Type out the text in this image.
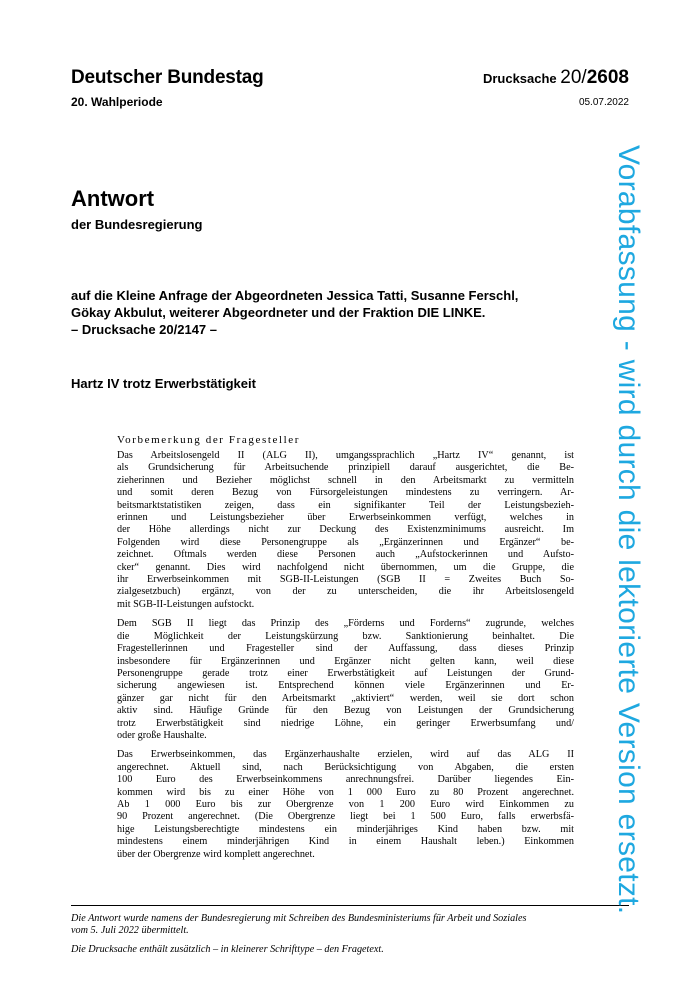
Deutscher Bundestag
20. Wahlperiode
Drucksache 20/2608
05.07.2022
Antwort
der Bundesregierung
auf die Kleine Anfrage der Abgeordneten Jessica Tatti, Susanne Ferschl,
Gökay Akbulut, weiterer Abgeordneter und der Fraktion DIE LINKE.
– Drucksache 20/2147 –
Hartz IV trotz Erwerbstätigkeit
Vorbemerkung der Fragesteller
Das Arbeitslosengeld II (ALG II), umgangssprachlich „Hartz IV“ genannt, ist
als Grundsicherung für Arbeitsuchende prinzipiell darauf ausgerichtet, die Be-
zieherinnen und Bezieher möglichst schnell in den Arbeitsmarkt zu vermitteln
und somit deren Bezug von Fürsorgeleistungen mindestens zu verringern. Ar-
beitsmarktstatistiken zeigen, dass ein signifikanter Teil der Leistungsbezieh-
erinnen und Leistungsbezieher über Erwerbseinkommen verfügt, welches in
der Höhe allerdings nicht zur Deckung des Existenzminimums ausreicht. Im
Folgenden wird diese Personengruppe als „Ergänzerinnen und Ergänzer“ be-
zeichnet. Oftmals werden diese Personen auch „Aufstockerinnen und Aufsto-
cker“ genannt. Dies wird nachfolgend nicht übernommen, um die Gruppe, die
ihr Erwerbseinkommen mit SGB-II-Leistungen (SGB II = Zweites Buch So-
zialgesetzbuch) ergänzt, von der zu unterscheiden, die ihr Arbeitslosengeld
mit SGB-II-Leistungen aufstockt.
Dem SGB II liegt das Prinzip des „Förderns und Forderns“ zugrunde, welches
die Möglichkeit der Leistungskürzung bzw. Sanktionierung beinhaltet. Die
Fragestellerinnen und Fragesteller sind der Auffassung, dass dieses Prinzip
insbesondere für Ergänzerinnen und Ergänzer nicht gelten kann, weil diese
Personengruppe gerade trotz einer Erwerbstätigkeit auf Leistungen der Grund-
sicherung angewiesen ist. Entsprechend können viele Ergänzerinnen und Er-
gänzer gar nicht für den Arbeitsmarkt „aktiviert“ werden, weil sie dort schon
aktiv sind. Häufige Gründe für den Bezug von Leistungen der Grundsicherung
trotz Erwerbstätigkeit sind niedrige Löhne, ein geringer Erwerbsumfang und/
oder große Haushalte.
Das Erwerbseinkommen, das Ergänzerhaushalte erzielen, wird auf das ALG II
angerechnet. Aktuell sind, nach Berücksichtigung von Abgaben, die ersten
100 Euro des Erwerbseinkommens anrechnungsfrei. Darüber liegendes Ein-
kommen wird bis zu einer Höhe von 1 000 Euro zu 80 Prozent angerechnet.
Ab 1 000 Euro bis zur Obergrenze von 1 200 Euro wird Einkommen zu
90 Prozent angerechnet. (Die Obergrenze liegt bei 1 500 Euro, falls erwerbsfä-
hige Leistungsberechtigte mindestens ein minderjähriges Kind haben bzw. mit
mindestens einem minderjährigen Kind in einem Haushalt leben.) Einkommen
über der Obergrenze wird komplett angerechnet.
Die Antwort wurde namens der Bundesregierung mit Schreiben des Bundesministeriums für Arbeit und Soziales
vom 5. Juli 2022 übermittelt.
Die Drucksache enthält zusätzlich – in kleinerer Schrifttype – den Fragetext.
Vorabfassung - wird durch die lektorierte Version ersetzt.
